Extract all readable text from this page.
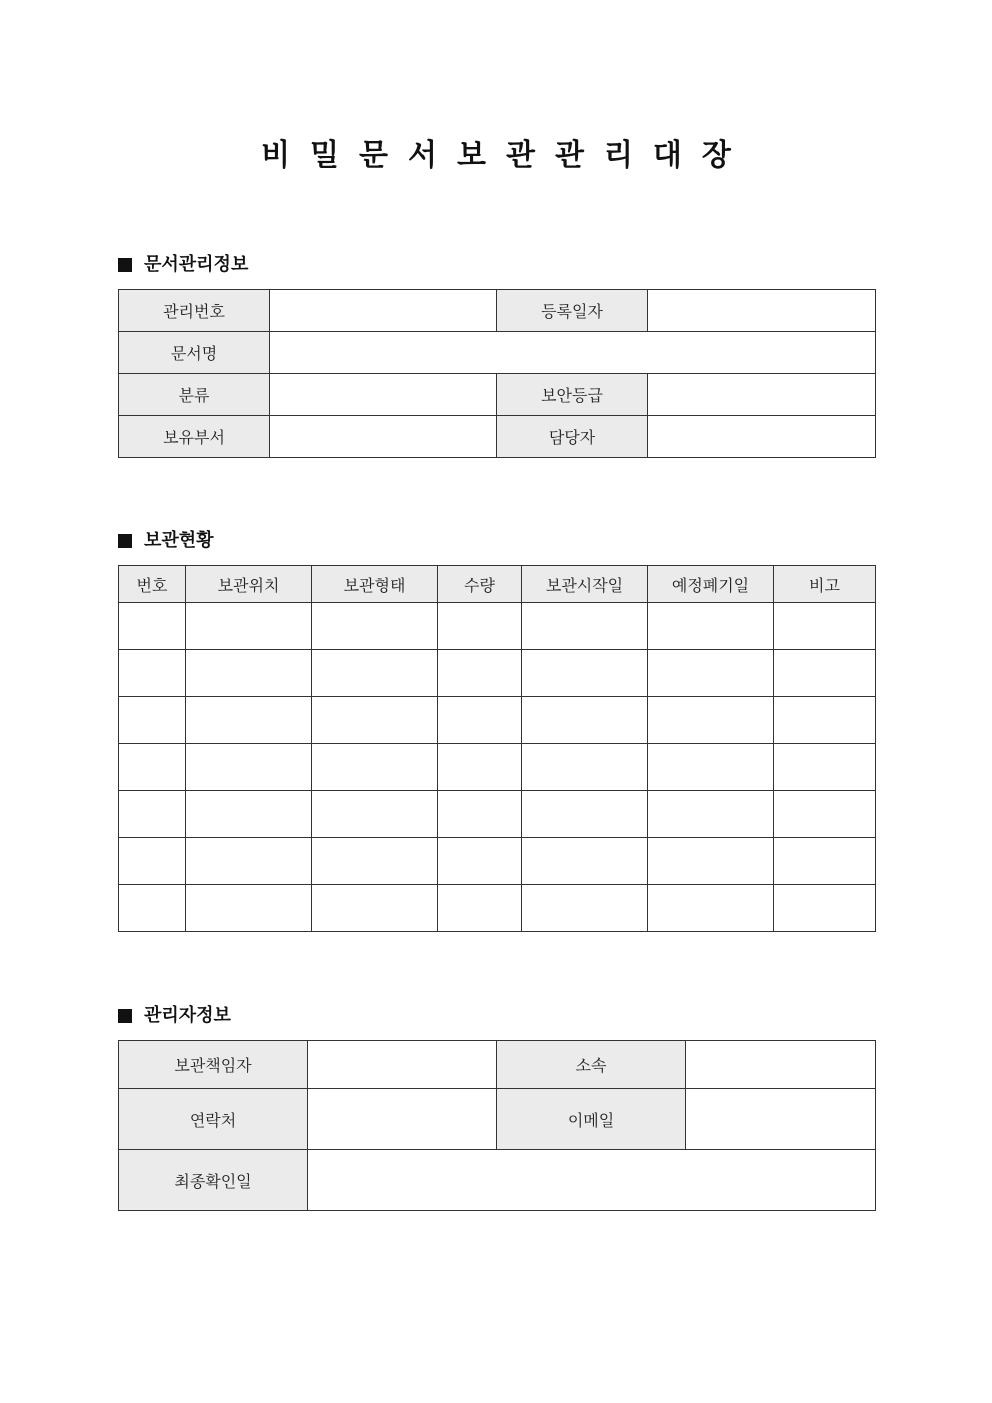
비밀문서보관관리대장
문서관리정보
관리번호		등록일자	
문서명			
분류		보안등급	
보유부서		담당자	
보관현황
번호	보관위치	보관형태	수량	보관시작일	예정폐기일	비고

관리자정보
보관책임자		소속	
연락처		이메일	
최종확인일			
